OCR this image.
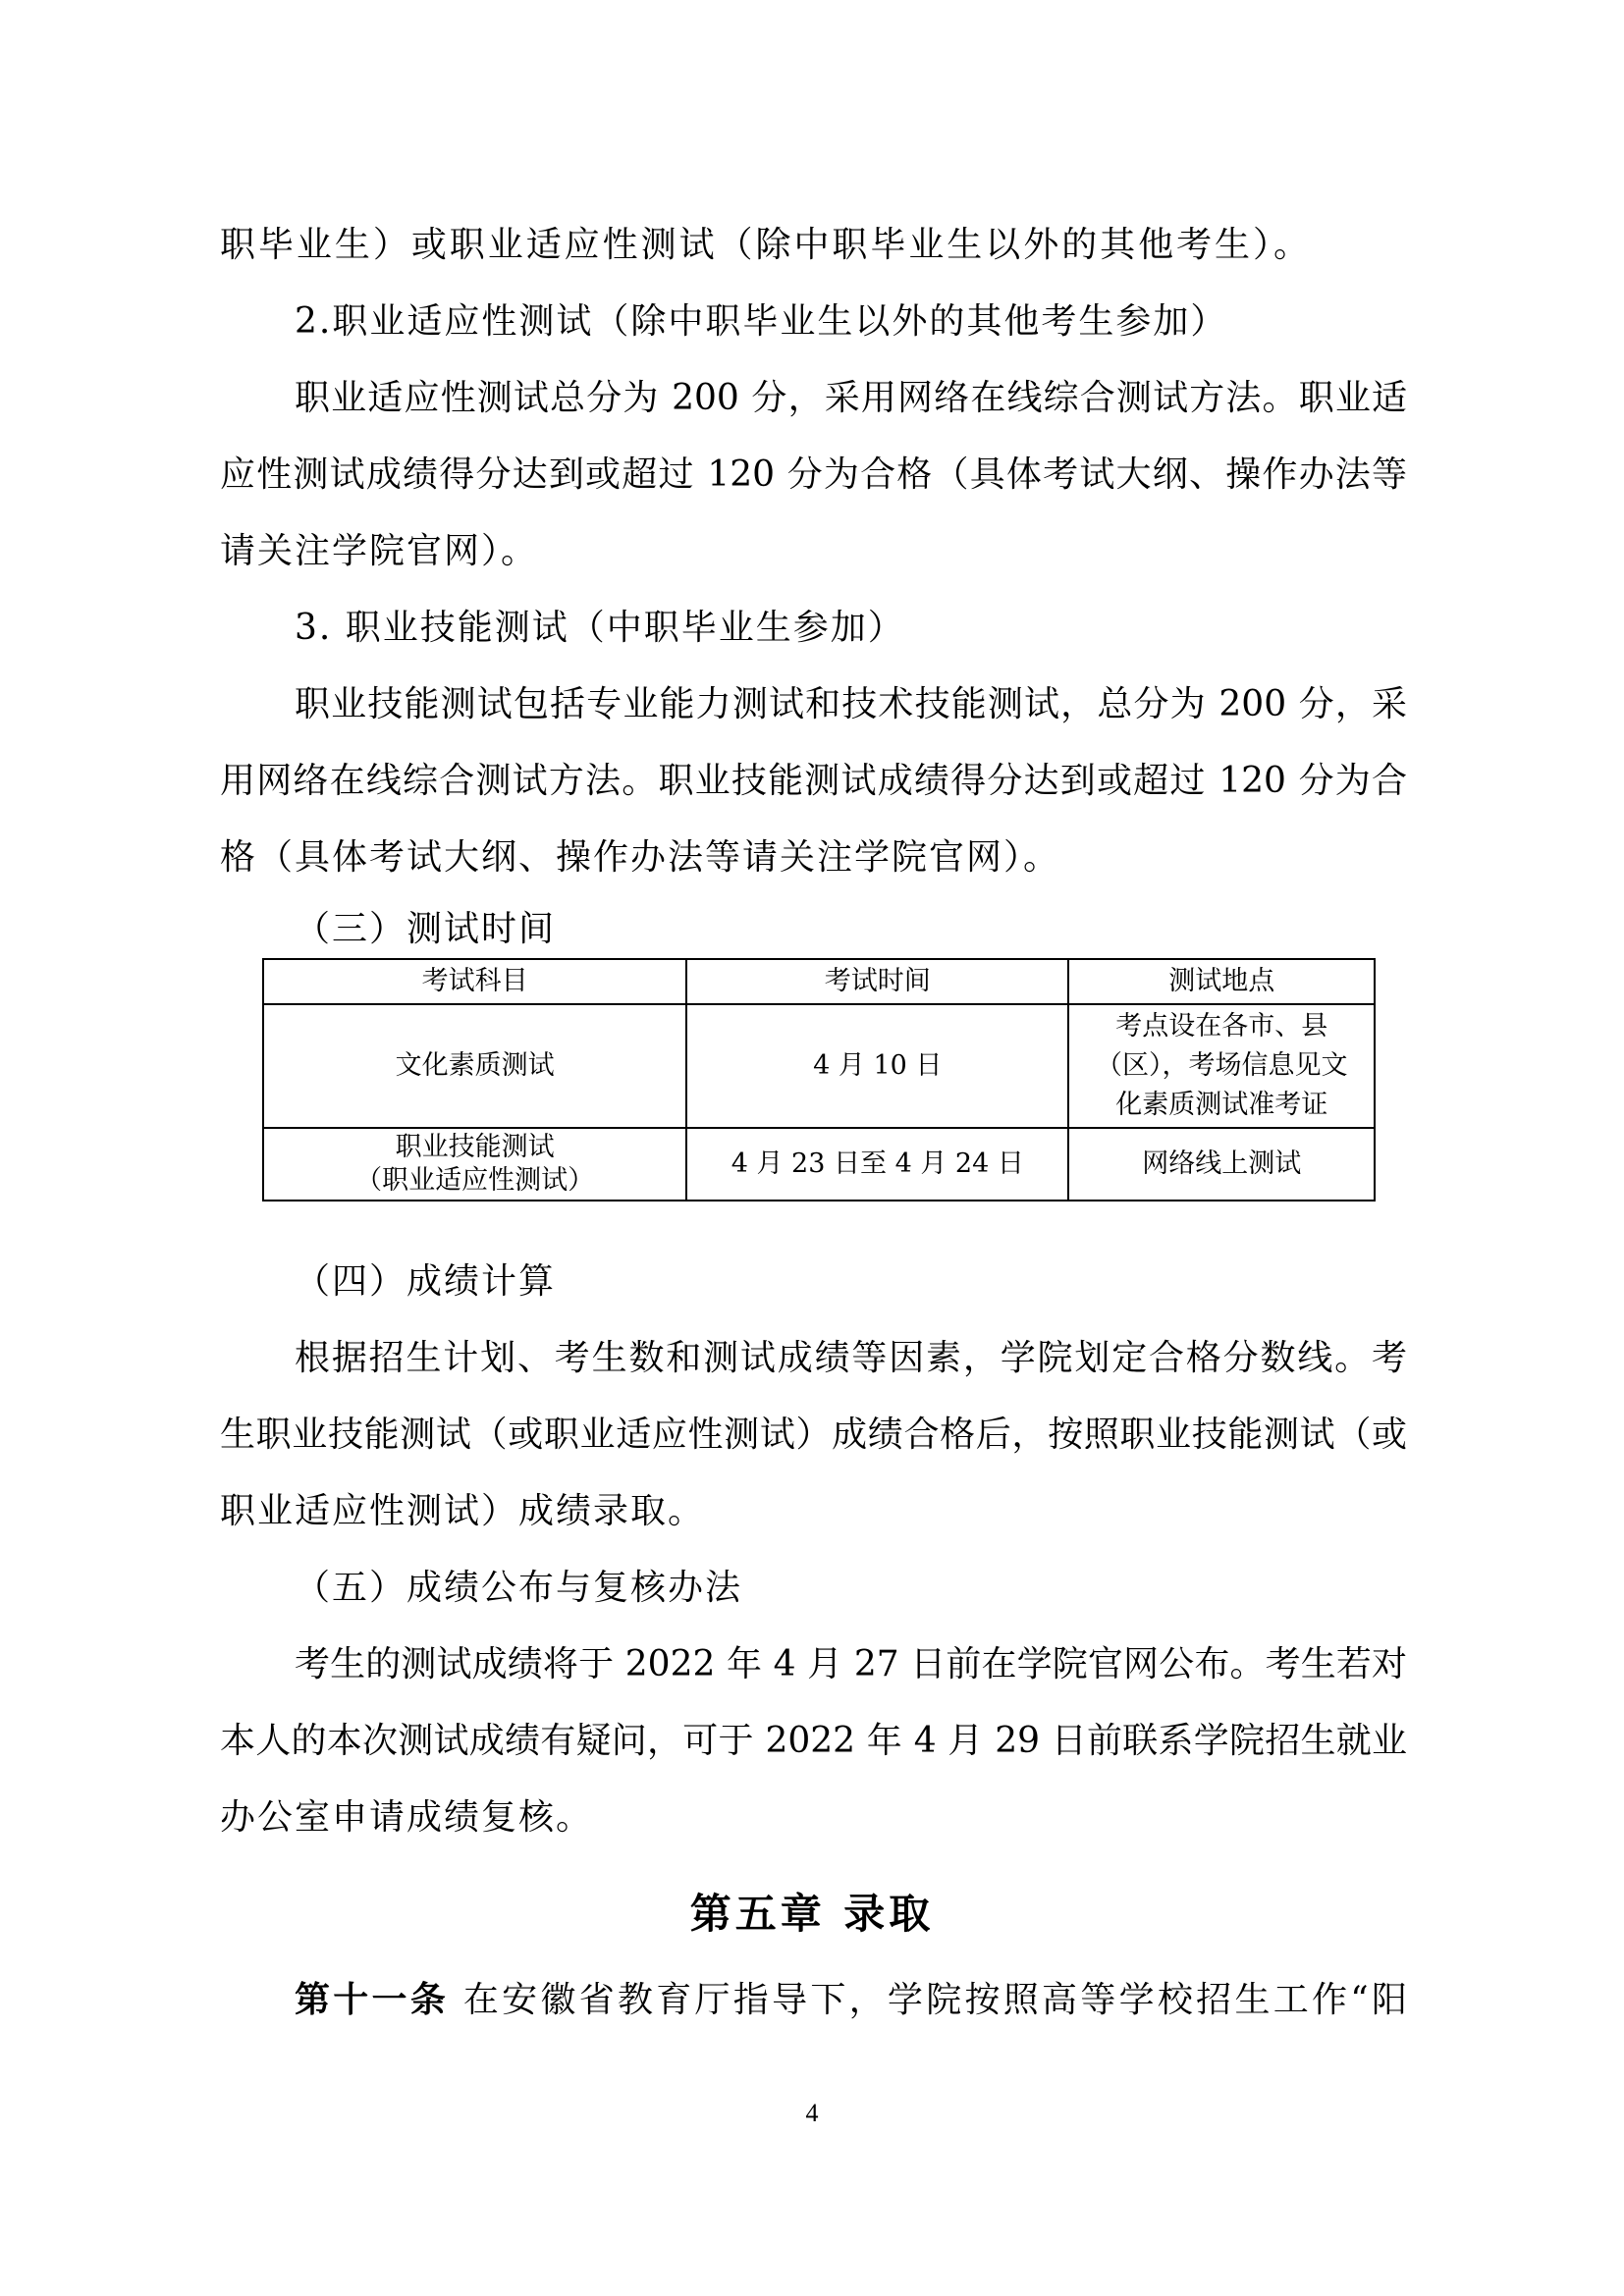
职毕业生）或职业适应性测试（除中职毕业生以外的其他考生）。

2.职业适应性测试（除中职毕业生以外的其他考生参加）

职业适应性测试总分为 200 分，采用网络在线综合测试方法。职业适

应性测试成绩得分达到或超过 120 分为合格（具体考试大纲、操作办法等

请关注学院官网）。

3. 职业技能测试（中职毕业生参加）

职业技能测试包括专业能力测试和技术技能测试，总分为 200 分，采

用网络在线综合测试方法。职业技能测试成绩得分达到或超过 120 分为合

格（具体考试大纲、操作办法等请关注学院官网）。

（三）测试时间

考试科目	考试时间	测试地点
文化素质测试	4 月 10 日	考点设在各市、县
（区），考场信息见文
化素质测试准考证

职业技能测试
（职业适应性测试）	4 月 23 日至 4 月 24 日	网络线上测试

（四）成绩计算

根据招生计划、考生数和测试成绩等因素，学院划定合格分数线。考

生职业技能测试（或职业适应性测试）成绩合格后，按照职业技能测试（或

职业适应性测试）成绩录取。

（五）成绩公布与复核办法

考生的测试成绩将于 2022 年 4 月 27 日前在学院官网公布。考生若对

本人的本次测试成绩有疑问，可于 2022 年 4 月 29 日前联系学院招生就业

办公室申请成绩复核。

第五章 录取

第十一条 在安徽省教育厅指导下，学院按照高等学校招生工作“阳

4
